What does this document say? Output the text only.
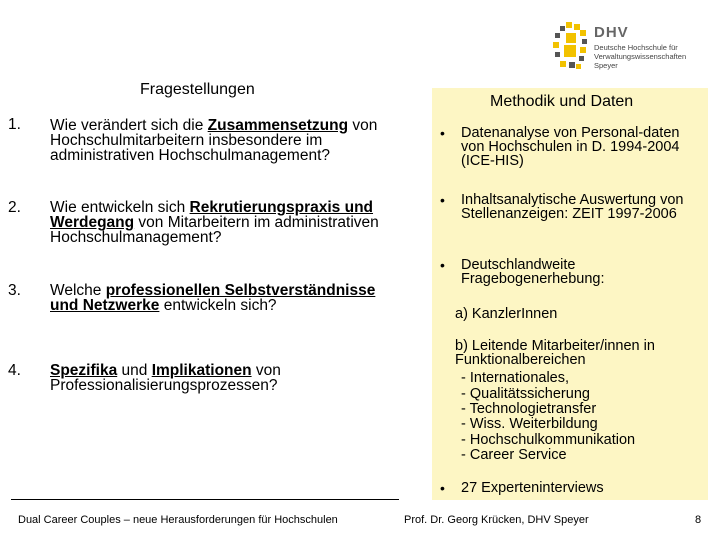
DHV
Deutsche Hochschule für
Verwaltungswissenschaften
Speyer
Fragestellungen
1. Wie verändert sich die Zusammensetzung von Hochschulmitarbeitern insbesondere im administrativen Hochschulmanagement?
2. Wie entwickeln sich Rekrutierungspraxis und Werdegang von Mitarbeitern im administrativen Hochschulmanagement?
3. Welche professionellen Selbstverständnisse und Netzwerke entwickeln sich?
4. Spezifika und Implikationen von Professionalisierungsprozessen?
Methodik und Daten
• Datenanalyse von Personal-daten von Hochschulen in D. 1994-2004 (ICE-HIS)
• Inhaltsanalytische Auswertung von Stellenanzeigen: ZEIT 1997-2006
• Deutschlandweite Fragebogenerhebung:
a) KanzlerInnen
b) Leitende Mitarbeiter/innen in Funktionalbereichen
- Internationales,
- Qualitätssicherung
- Technologietransfer
- Wiss. Weiterbildung
- Hochschulkommunikation
- Career Service
• 27 Experteninterviews
Dual Career Couples – neue Herausforderungen für Hochschulen	Prof. Dr. Georg Krücken, DHV Speyer	8
